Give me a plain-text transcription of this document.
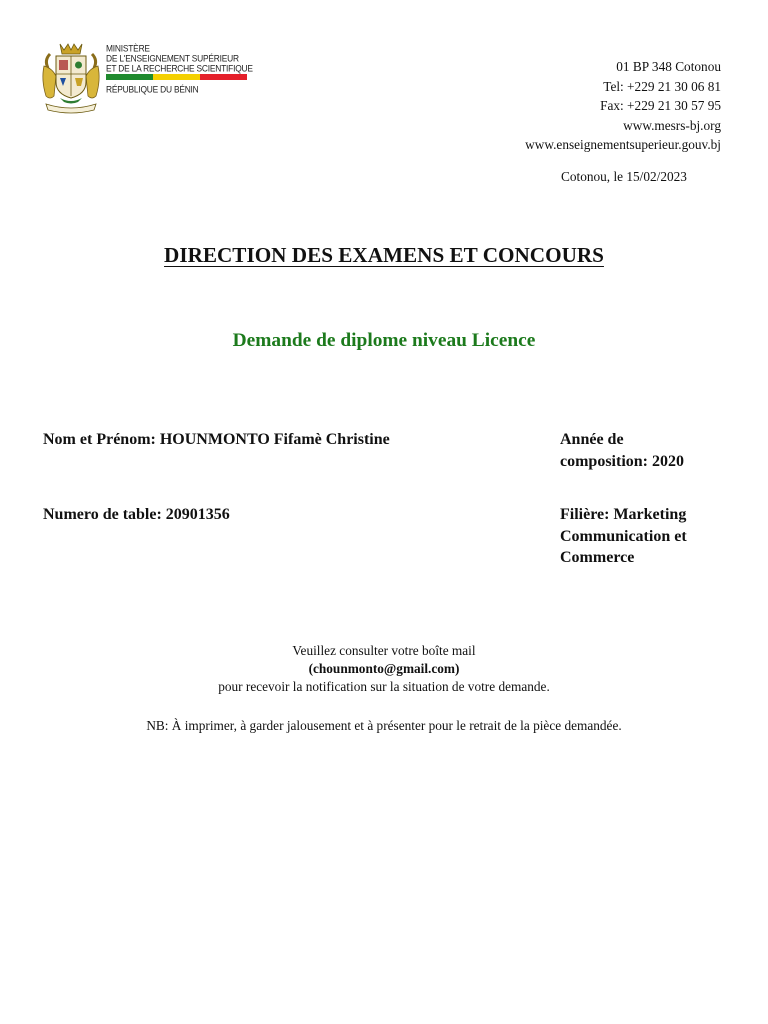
MINISTÈRE
DE L'ENSEIGNEMENT SUPÉRIEUR
ET DE LA RECHERCHE SCIENTIFIQUE
RÉPUBLIQUE DU BÉNIN
01 BP 348 Cotonou
Tel: +229 21 30 06 81
Fax: +229 21 30 57 95
www.mesrs-bj.org
www.enseignementsuperieur.gouv.bj
Cotonou, le 15/02/2023
DIRECTION DES EXAMENS ET CONCOURS
Demande de diplome niveau Licence
Nom et Prénom: HOUNMONTO Fifamè Christine	Année de
composition: 2020
Numero de table: 20901356	Filière: Marketing
Communication et
Commerce
Veuillez consulter votre boîte mail
(chounmonto@gmail.com)
pour recevoir la notification sur la situation de votre demande.
NB: À imprimer, à garder jalousement et à présenter pour le retrait de la pièce demandée.
